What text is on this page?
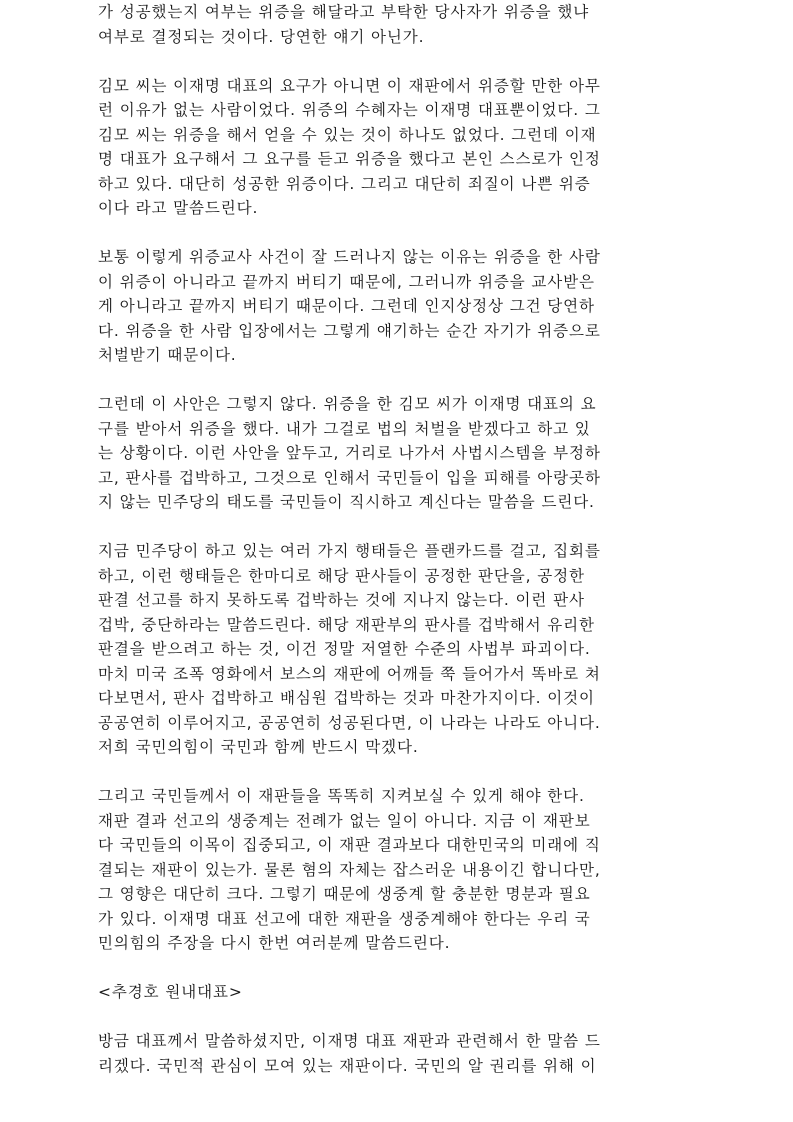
가 성공했는지 여부는 위증을 해달라고 부탁한 당사자가 위증을 했냐
여부로 결정되는 것이다. 당연한 얘기 아닌가.
김모 씨는 이재명 대표의 요구가 아니면 이 재판에서 위증할 만한 아무
런 이유가 없는 사람이었다. 위증의 수혜자는 이재명 대표뿐이었다. 그
김모 씨는 위증을 해서 얻을 수 있는 것이 하나도 없었다. 그런데 이재
명 대표가 요구해서 그 요구를 듣고 위증을 했다고 본인 스스로가 인정
하고 있다. 대단히 성공한 위증이다. 그리고 대단히 죄질이 나쁜 위증
이다 라고 말씀드린다.
보통 이렇게 위증교사 사건이 잘 드러나지 않는 이유는 위증을 한 사람
이 위증이 아니라고 끝까지 버티기 때문에, 그러니까 위증을 교사받은
게 아니라고 끝까지 버티기 때문이다. 그런데 인지상정상 그건 당연하
다. 위증을 한 사람 입장에서는 그렇게 얘기하는 순간 자기가 위증으로
처벌받기 때문이다.
그런데 이 사안은 그렇지 않다. 위증을 한 김모 씨가 이재명 대표의 요
구를 받아서 위증을 했다. 내가 그걸로 법의 처벌을 받겠다고 하고 있
는 상황이다. 이런 사안을 앞두고, 거리로 나가서 사법시스템을 부정하
고, 판사를 겁박하고, 그것으로 인해서 국민들이 입을 피해를 아랑곳하
지 않는 민주당의 태도를 국민들이 직시하고 계신다는 말씀을 드린다.
지금 민주당이 하고 있는 여러 가지 행태들은 플랜카드를 걸고, 집회를
하고, 이런 행태들은 한마디로 해당 판사들이 공정한 판단을, 공정한
판결 선고를 하지 못하도록 겁박하는 것에 지나지 않는다. 이런 판사
겁박, 중단하라는 말씀드린다. 해당 재판부의 판사를 겁박해서 유리한
판결을 받으려고 하는 것, 이건 정말 저열한 수준의 사법부 파괴이다.
마치 미국 조폭 영화에서 보스의 재판에 어깨들 쭉 들어가서 똑바로 쳐
다보면서, 판사 겁박하고 배심원 겁박하는 것과 마찬가지이다. 이것이
공공연히 이루어지고, 공공연히 성공된다면, 이 나라는 나라도 아니다.
저희 국민의힘이 국민과 함께 반드시 막겠다.
그리고 국민들께서 이 재판들을 똑똑히 지켜보실 수 있게 해야 한다.
재판 결과 선고의 생중계는 전례가 없는 일이 아니다. 지금 이 재판보
다 국민들의 이목이 집중되고, 이 재판 결과보다 대한민국의 미래에 직
결되는 재판이 있는가. 물론 혐의 자체는 잡스러운 내용이긴 합니다만,
그 영향은 대단히 크다. 그렇기 때문에 생중계 할 충분한 명분과 필요
가 있다. 이재명 대표 선고에 대한 재판을 생중계해야 한다는 우리 국
민의힘의 주장을 다시 한번 여러분께 말씀드린다.
<추경호 원내대표>
방금 대표께서 말씀하셨지만, 이재명 대표 재판과 관련해서 한 말씀 드
리겠다. 국민적 관심이 모여 있는 재판이다. 국민의 알 권리를 위해 이
